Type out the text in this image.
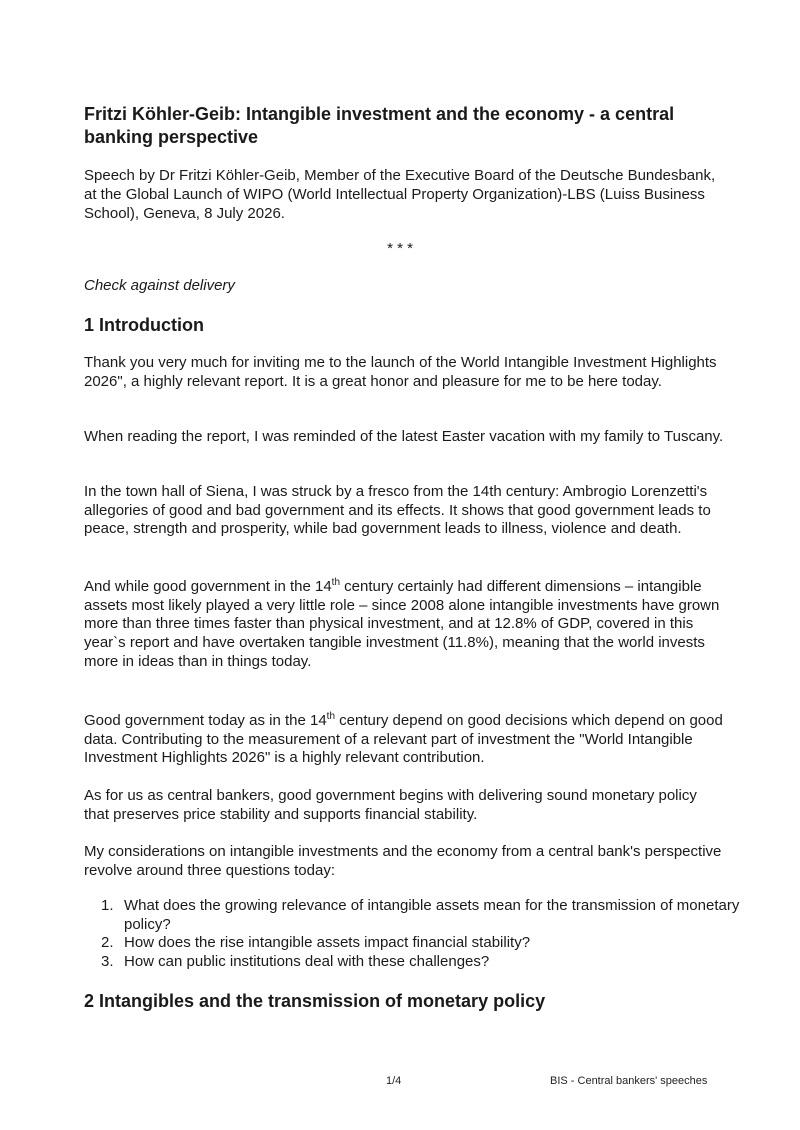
Fritzi Köhler-Geib: Intangible investment and the economy - a central banking perspective

Speech by Dr Fritzi Köhler-Geib, Member of the Executive Board of the Deutsche Bundesbank, at the Global Launch of WIPO (World Intellectual Property Organization)-LBS (Luiss Business School), Geneva, 8 July 2026.

* * *
Check against delivery
1 Introduction

Thank you very much for inviting me to the launch of the World Intangible Investment Highlights 2026", a highly relevant report. It is a great honor and pleasure for me to be here today.

When reading the report, I was reminded of the latest Easter vacation with my family to Tuscany.

In the town hall of Siena, I was struck by a fresco from the 14th century: Ambrogio Lorenzetti's allegories of good and bad government and its effects. It shows that good government leads to peace, strength and prosperity, while bad government leads to illness, violence and death.

And while good government in the 14th century certainly had different dimensions – intangible assets most likely played a very little role – since 2008 alone intangible investments have grown more than three times faster than physical investment, and at 12.8% of GDP, covered in this year`s report and have overtaken tangible investment (11.8%), meaning that the world invests more in ideas than in things today.

Good government today as in the 14th century depend on good decisions which depend on good data. Contributing to the measurement of a relevant part of investment the "World Intangible Investment Highlights 2026" is a highly relevant contribution.

As for us as central bankers, good government begins with delivering sound monetary policy that preserves price stability and supports financial stability.

My considerations on intangible investments and the economy from a central bank's perspective revolve around three questions today:

1. What does the growing relevance of intangible assets mean for the transmission of monetary policy?
2. How does the rise intangible assets impact financial stability?
3. How can public institutions deal with these challenges?
2 Intangibles and the transmission of monetary policy
1/4	BIS - Central bankers' speeches
